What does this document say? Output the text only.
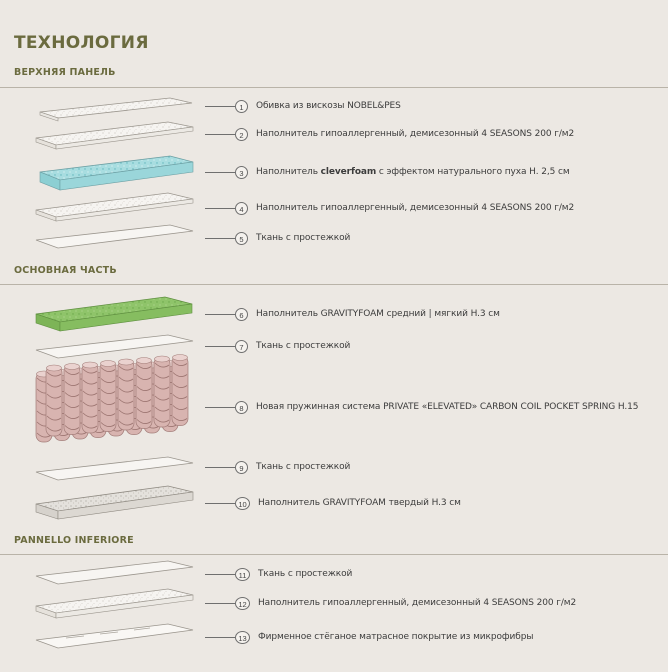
ТЕХНОЛОГИЯ
ВЕРХНЯЯ ПАНЕЛЬ
ОСНОВНАЯ ЧАСТЬ
PANNELLO INFERIORE
1	Обивка из вискозы NOBEL&PES
2	Наполнитель гипоаллергенный, демисезонный 4 SEASONS 200 г/м2
3	Наполнитель cleverfoam с эффектом натурального пуха H. 2,5 см
4	Наполнитель гипоаллергенный, демисезонный 4 SEASONS 200 г/м2
5	Ткань с простежкой
6	Наполнитель GRAVITYFOAM средний | мягкий H.3 см
7	Ткань с простежкой
8	Новая пружинная система PRIVATE «ELEVATED» CARBON COIL POCKET SPRING H.15
9	Ткань с простежкой
10	Наполнитель GRAVITYFOAM твердый H.3 см
11	Ткань с простежкой
12	Наполнитель гипоаллергенный, демисезонный 4 SEASONS 200 г/м2
13	Фирменное стёганое матрасное покрытие из микрофибры
